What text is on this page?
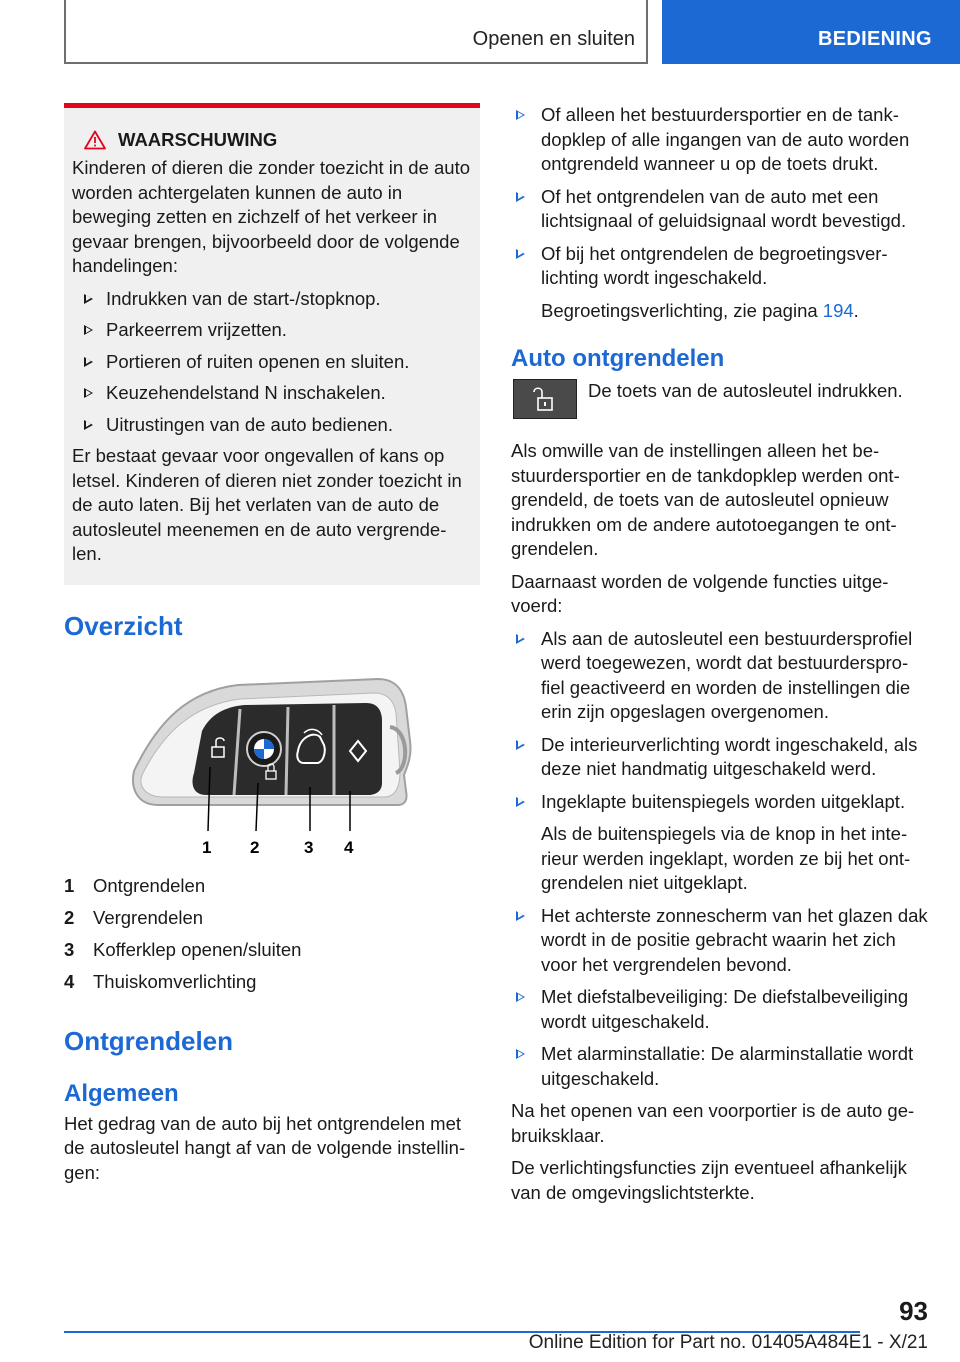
Openen en sluiten	BEDIENING
WAARSCHUWING

Kinderen of dieren die zonder toezicht in de auto worden achtergelaten kunnen de auto in beweging zetten en zichzelf of het verkeer in gevaar brengen, bijvoorbeeld door de volgende handelingen:

Indrukken van de start-/stopknop.
Parkeerrem vrijzetten.
Portieren of ruiten openen en sluiten.
Keuzehendelstand N inschakelen.
Uitrustingen van de auto bedienen.

Er bestaat gevaar voor ongevallen of kans op letsel. Kinderen of dieren niet zonder toezicht in de auto laten. Bij het verlaten van de auto de autosleutel meenemen en de auto vergrende-len.

Overzicht
1 2	3 4
1	Ontgrendelen
2	Vergrendelen
3	Kofferklep openen/sluiten
4	Thuiskomverlichting
Ontgrendelen
Algemeen

Het gedrag van de auto bij het ontgrendelen met de autosleutel hangt af van de volgende instellin-gen:

Of alleen het bestuurdersportier en de tank-dopklep of alle ingangen van de auto worden ontgrendeld wanneer u op de toets drukt.
Of het ontgrendelen van de auto met een lichtsignaal of geluidsignaal wordt bevestigd.
Of bij het ontgrendelen de begroetingsver-lichting wordt ingeschakeld.

Begroetingsverlichting, zie pagina 194.

Auto ontgrendelen

De toets van de autosleutel indrukken.

Als omwille van de instellingen alleen het be-stuurdersportier en de tankdopklep werden ont-grendeld, de toets van de autosleutel opnieuw indrukken om de andere autotoegangen te ont-grendelen.

Daarnaast worden de volgende functies uitge-voerd:

Als aan de autosleutel een bestuurdersprofiel werd toegewezen, wordt dat bestuurderspro-fiel geactiveerd en worden de instellingen die erin zijn opgeslagen overgenomen.
De interieurverlichting wordt ingeschakeld, als deze niet handmatig uitgeschakeld werd.
Ingeklapte buitenspiegels worden uitgeklapt.

Als de buitenspiegels via de knop in het inte-rieur werden ingeklapt, worden ze bij het ont-grendelen niet uitgeklapt.

Het achterste zonnescherm van het glazen dak wordt in de positie gebracht waarin het zich voor het vergrendelen bevond.
Met diefstalbeveiliging: De diefstalbeveiliging wordt uitgeschakeld.
Met alarminstallatie: De alarminstallatie wordt uitgeschakeld.

Na het openen van een voorportier is de auto ge-bruiksklaar.

De verlichtingsfuncties zijn eventueel afhankelijk van de omgevingslichtsterkte.

93
Online Edition for Part no. 01405A484E1 - X/21
